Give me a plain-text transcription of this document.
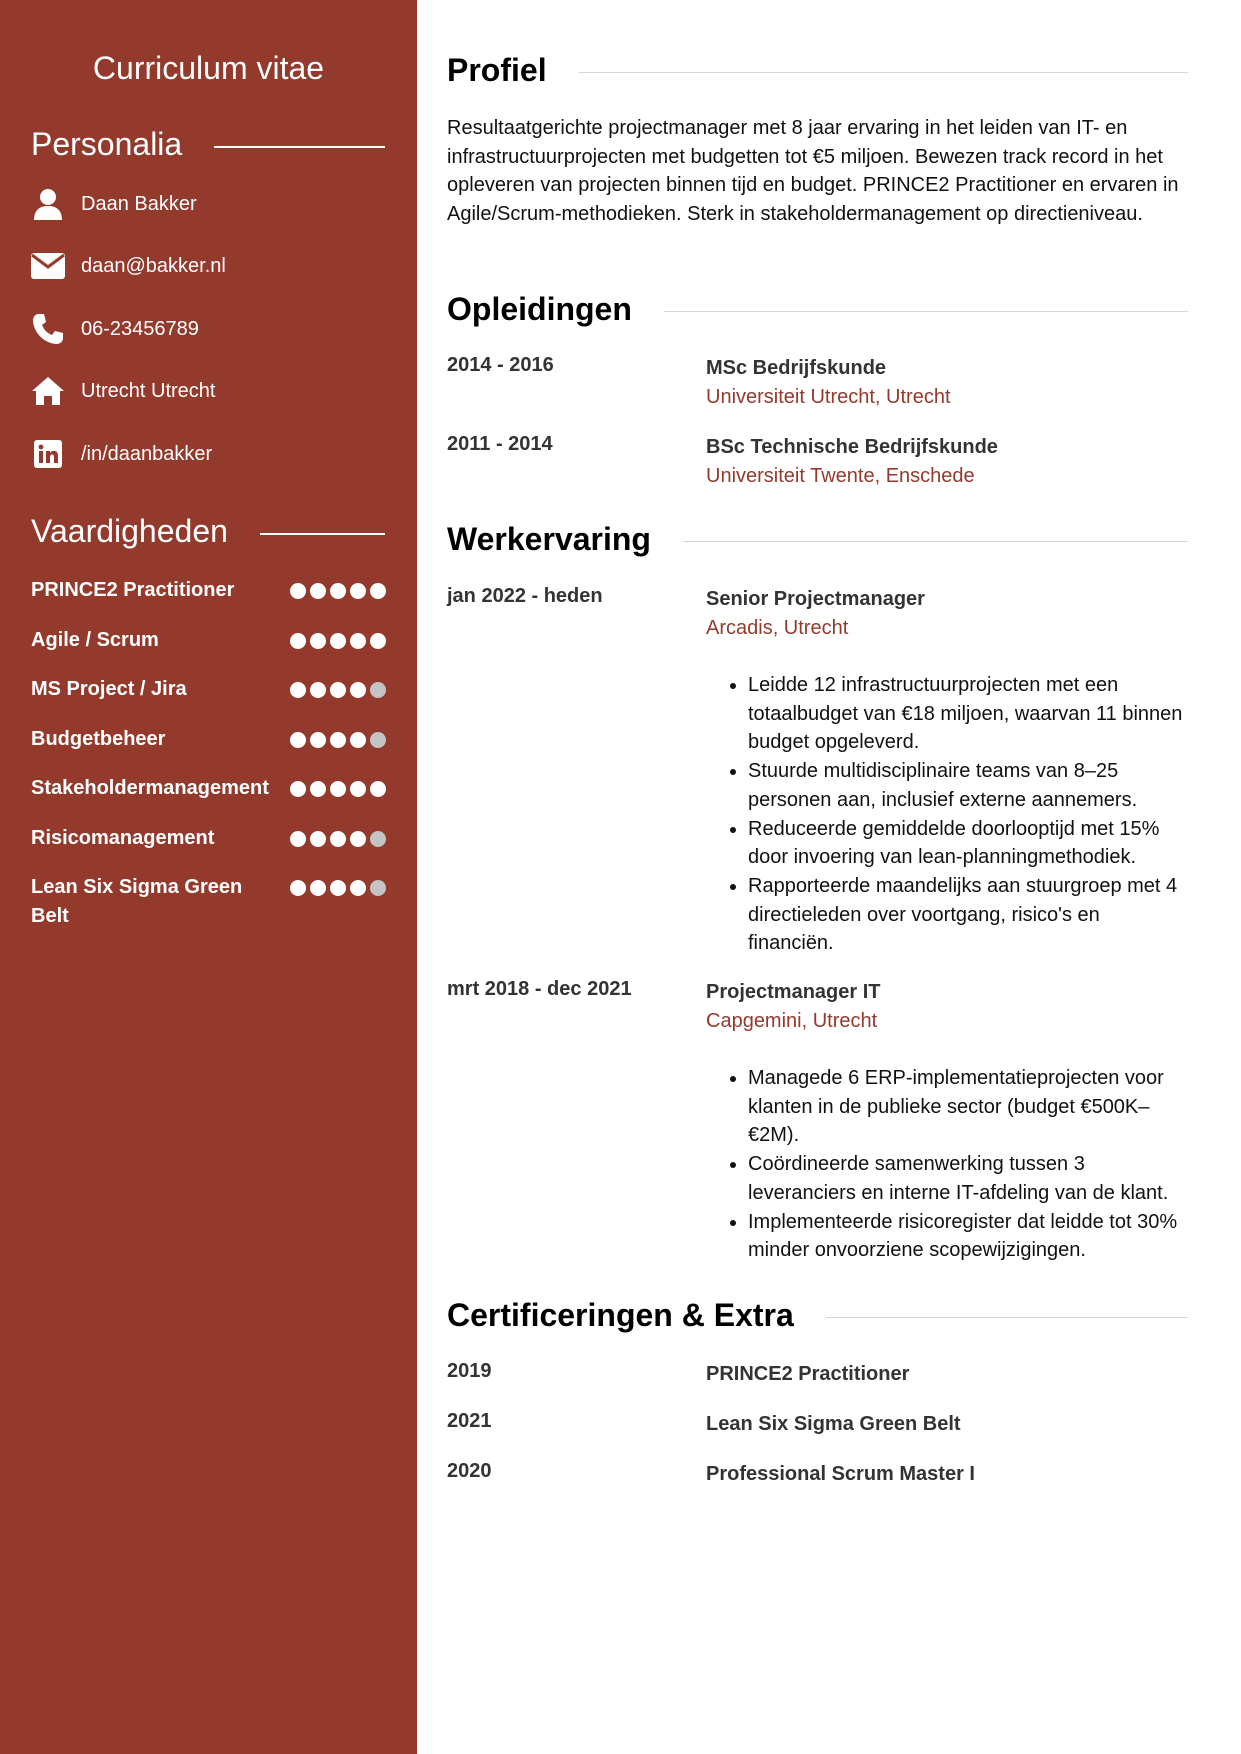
Curriculum vitae
Personalia
Daan Bakker
daan@bakker.nl
06-23456789
Utrecht Utrecht
/in/daanbakker
Vaardigheden
PRINCE2 Practitioner
Agile / Scrum
MS Project / Jira
Budgetbeheer
Stakeholdermanagement
Risicomanagement
Lean Six Sigma Green Belt
Profiel
Resultaatgerichte projectmanager met 8 jaar ervaring in het leiden van IT- en infrastructuurprojecten met budgetten tot €5 miljoen. Bewezen track record in het opleveren van projecten binnen tijd en budget. PRINCE2 Practitioner en ervaren in Agile/Scrum-methodieken. Sterk in stakeholdermanagement op directieniveau.
Opleidingen
2014 - 2016	MSc Bedrijfskunde
Universiteit Utrecht, Utrecht
2011 - 2014	BSc Technische Bedrijfskunde
Universiteit Twente, Enschede
Werkervaring
jan 2022 - heden	Senior Projectmanager
Arcadis, Utrecht
• Leidde 12 infrastructuurprojecten met een totaalbudget van €18 miljoen, waarvan 11 binnen budget opgeleverd.
• Stuurde multidisciplinaire teams van 8–25 personen aan, inclusief externe aannemers.
• Reduceerde gemiddelde doorlooptijd met 15% door invoering van lean-planningmethodiek.
• Rapporteerde maandelijks aan stuurgroep met 4 directieleden over voortgang, risico's en financiën.
mrt 2018 - dec 2021	Projectmanager IT
Capgemini, Utrecht
• Managede 6 ERP-implementatieprojecten voor klanten in de publieke sector (budget €500K–€2M).
• Coördineerde samenwerking tussen 3 leveranciers en interne IT-afdeling van de klant.
• Implementeerde risicoregister dat leidde tot 30% minder onvoorziene scopewijzigingen.
Certificeringen & Extra
2019	PRINCE2 Practitioner
2021	Lean Six Sigma Green Belt
2020	Professional Scrum Master I
